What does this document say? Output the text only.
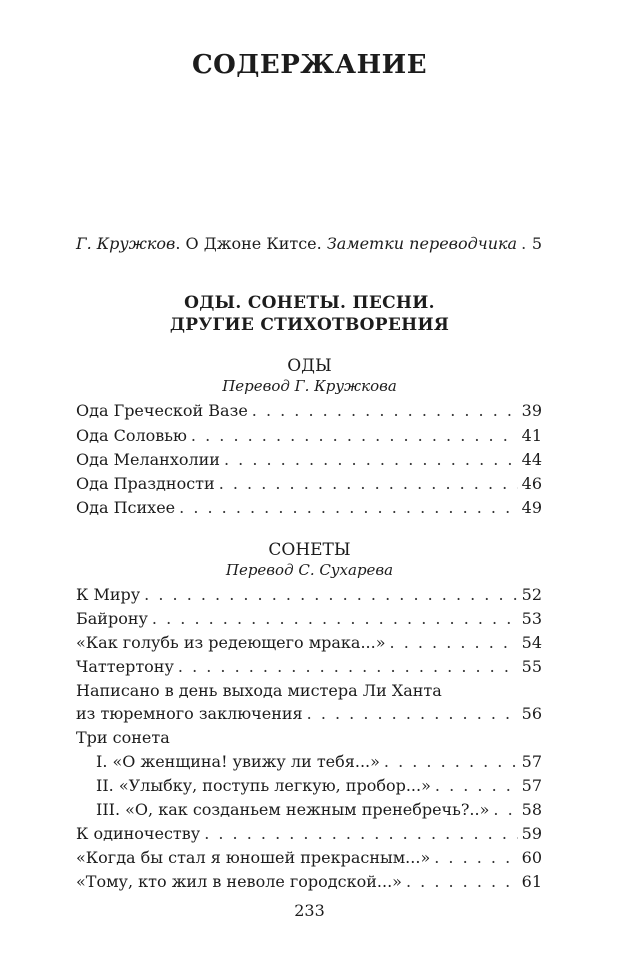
СОДЕРЖАНИЕ
Г. Кружков. О Джоне Китсе. Заметки переводчика . . . 5
ОДЫ. СОНЕТЫ. ПЕСНИ.
ДРУГИЕ СТИХОТВОРЕНИЯ
ОДЫ
Перевод Г. Кружкова
Ода Греческой Вазе . . .	39
Ода Соловью . . .	41
Ода Меланхолии . . .	44
Ода Праздности . . .	46
Ода Психее . . .	49
СОНЕТЫ
Перевод С. Сухарева
К Миру . . .	52
Байрону . . .	53
«Как голубь из редеющего мрака...» . . .	54
Чаттертону . . .	55
Написано в день выхода мистера Ли Ханта
из тюремного заключения . . .	56
Три сонета
I. «О женщина! увижу ли тебя...» . . .	57
II. «Улыбку, поступь легкую, пробор...» . . .	57
III. «О, как созданьем нежным пренебречь?..» . . . 58
К одиночеству . . .	59
«Когда бы стал я юношей прекрасным...» . . .	60
«Тому, кто жил в неволе городской...» . . .	61
233
